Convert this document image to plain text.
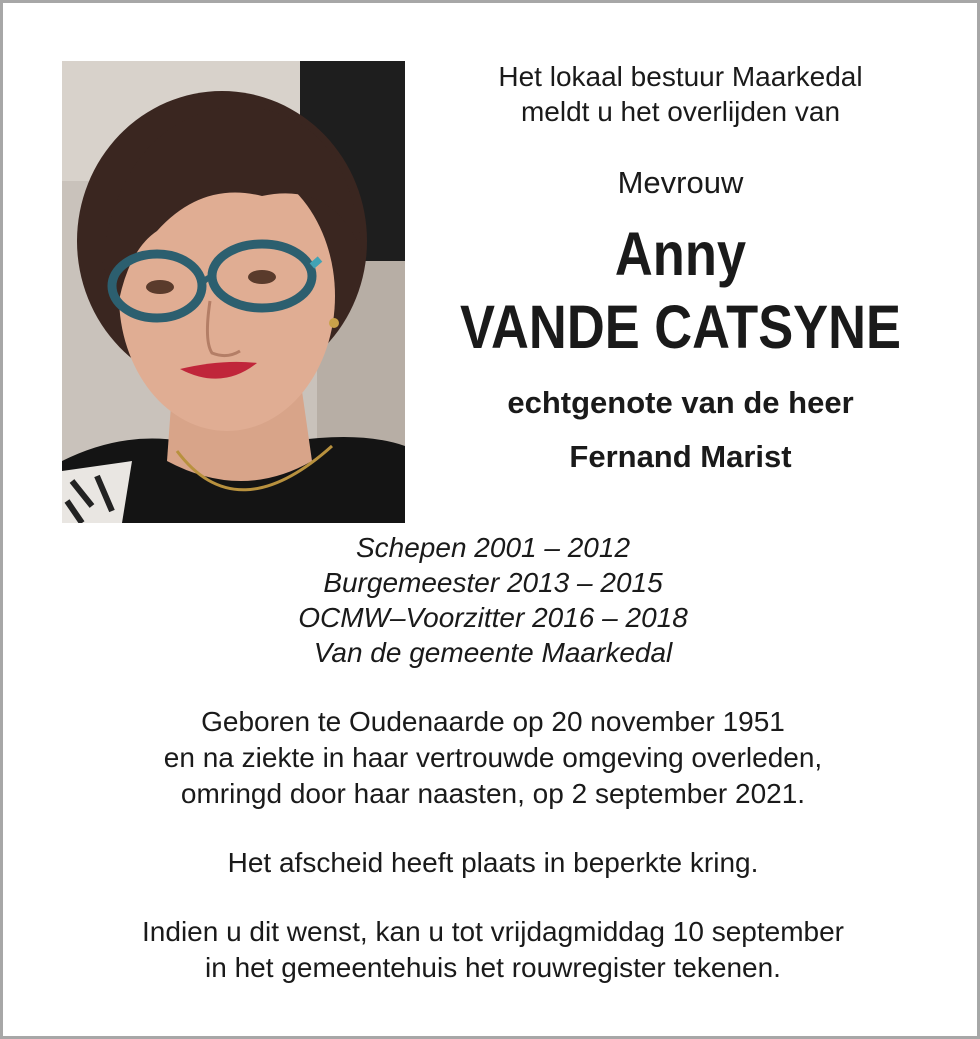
Het lokaal bestuur Maarkedal
meldt u het overlijden van
Mevrouw
Anny
VANDE CATSYNE
echtgenote van de heer
Fernand Marist
Schepen 2001 – 2012
Burgemeester 2013 – 2015
OCMW–Voorzitter 2016 – 2018
Van de gemeente Maarkedal
Geboren te Oudenaarde op 20 november 1951
en na ziekte in haar vertrouwde omgeving overleden,
omringd door haar naasten, op 2 september 2021.
Het afscheid heeft plaats in beperkte kring.
Indien u dit wenst, kan u tot vrijdagmiddag 10 september
in het gemeentehuis het rouwregister tekenen.
